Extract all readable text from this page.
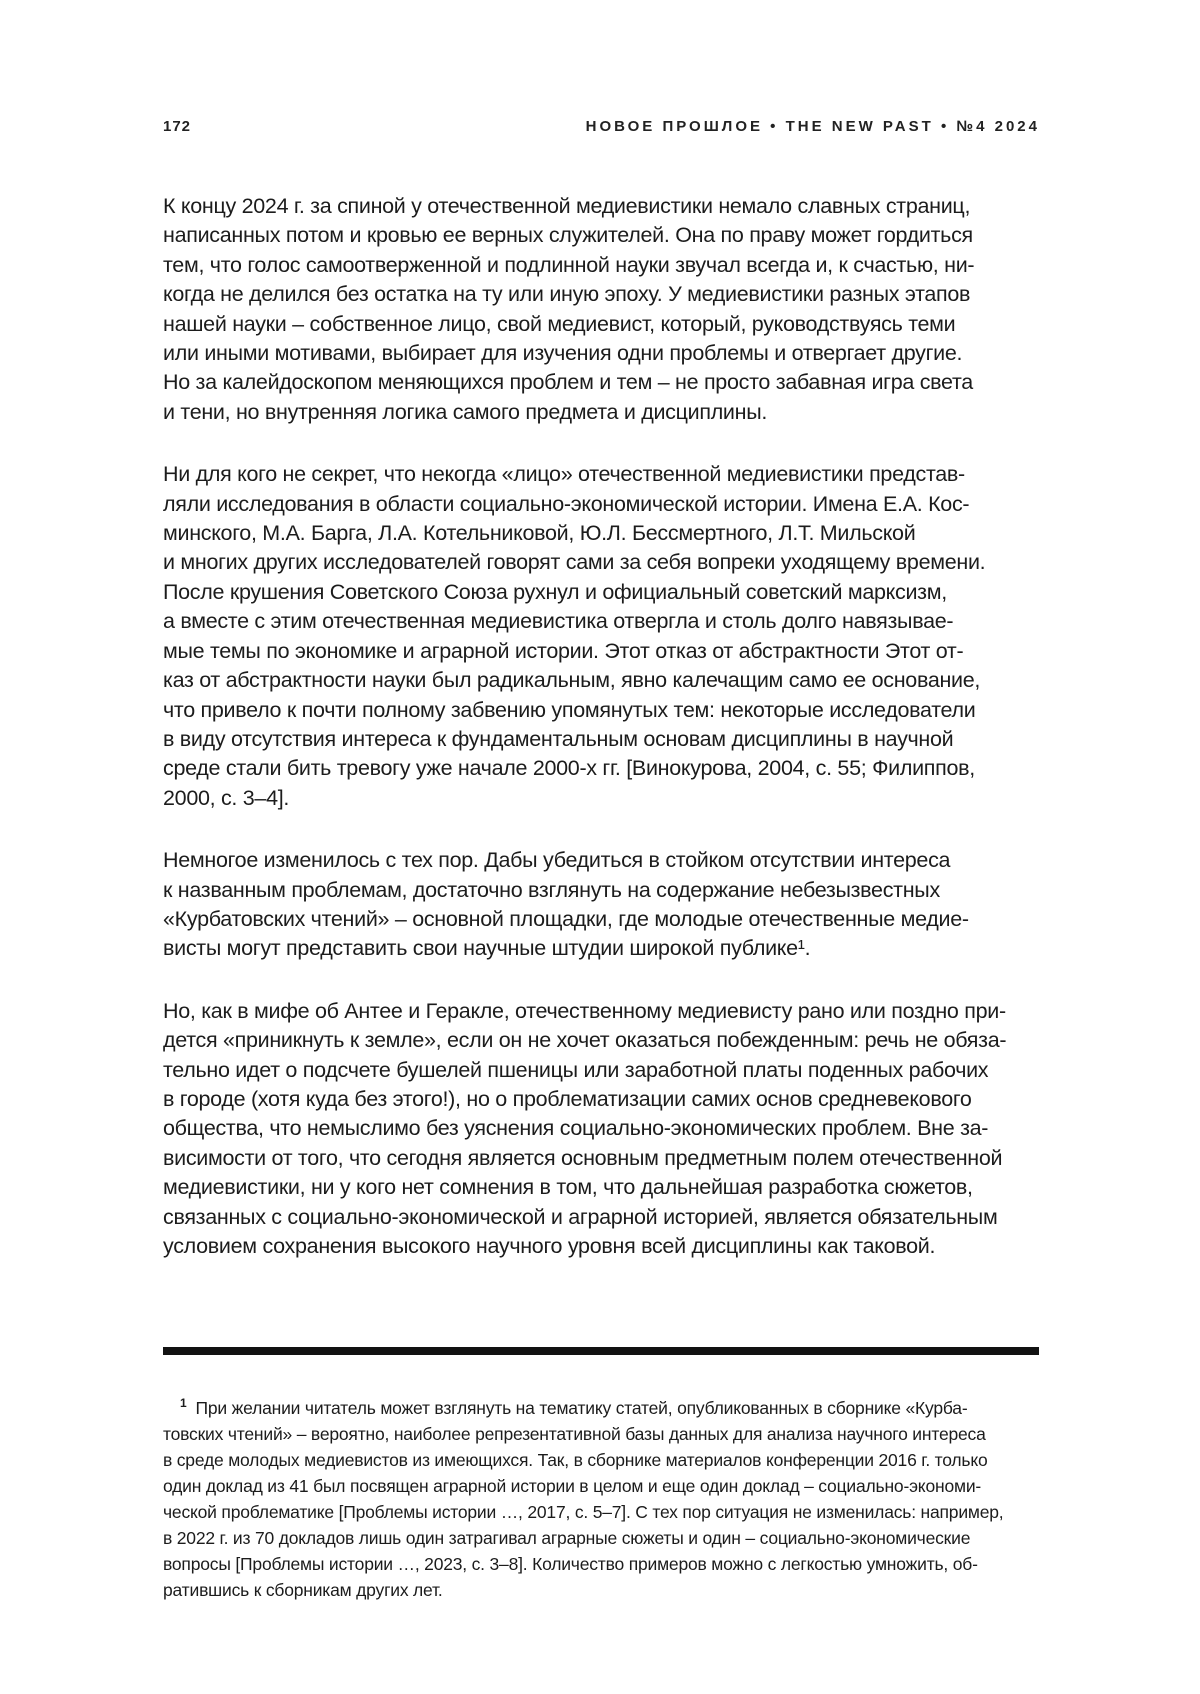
172	НОВОЕ ПРОШЛОЕ • THE NEW PAST • №4 2024

К концу 2024 г. за спиной у отечественной медиевистики немало славных страниц,
написанных потом и кровью ее верных служителей. Она по праву может гордиться
тем, что голос самоотверженной и подлинной науки звучал всегда и, к счастью, ни-
когда не делился без остатка на ту или иную эпоху. У медиевистики разных этапов
нашей науки – собственное лицо, свой медиевист, который, руководствуясь теми
или иными мотивами, выбирает для изучения одни проблемы и отвергает другие.
Но за калейдоскопом меняющихся проблем и тем – не просто забавная игра света
и тени, но внутренняя логика самого предмета и дисциплины.

Ни для кого не секрет, что некогда «лицо» отечественной медиевистики представ-
ляли исследования в области социально-экономической истории. Имена Е.А. Кос-
минского, М.А. Барга, Л.А. Котельниковой, Ю.Л. Бессмертного, Л.Т. Мильской
и многих других исследователей говорят сами за себя вопреки уходящему времени.
После крушения Советского Союза рухнул и официальный советский марксизм,
а вместе с этим отечественная медиевистика отвергла и столь долго навязывае-
мые темы по экономике и аграрной истории. Этот отказ от абстрактности Этот от-
каз от абстрактности науки был радикальным, явно калечащим само ее основание,
что привело к почти полному забвению упомянутых тем: некоторые исследователи
в виду отсутствия интереса к фундаментальным основам дисциплины в научной
среде стали бить тревогу уже начале 2000-х гг. [Винокурова, 2004, с. 55; Филиппов,
2000, с. 3–4].

Немногое изменилось с тех пор. Дабы убедиться в стойком отсутствии интереса
к названным проблемам, достаточно взглянуть на содержание небезызвестных
«Курбатовских чтений» – основной площадки, где молодые отечественные медие-
висты могут представить свои научные штудии широкой публике¹.

Но, как в мифе об Антее и Геракле, отечественному медиевисту рано или поздно при-
дется «приникнуть к земле», если он не хочет оказаться побежденным: речь не обяза-
тельно идет о подсчете бушелей пшеницы или заработной платы поденных рабочих
в городе (хотя куда без этого!), но о проблематизации самих основ средневекового
общества, что немыслимо без уяснения социально-экономических проблем. Вне за-
висимости от того, что сегодня является основным предметным полем отечественной
медиевистики, ни у кого нет сомнения в том, что дальнейшая разработка сюжетов,
связанных с социально-экономической и аграрной историей, является обязательным
условием сохранения высокого научного уровня всей дисциплины как таковой.

$^1$ При желании читатель может взглянуть на тематику статей, опубликованных в сборнике «Курба-
товских чтений» – вероятно, наиболее репрезентативной базы данных для анализа научного интереса
в среде молодых медиевистов из имеющихся. Так, в сборнике материалов конференции 2016 г. только
один доклад из 41 был посвящен аграрной истории в целом и еще один доклад – социально-экономи-
ческой проблематике [Проблемы истории …, 2017, с. 5–7]. С тех пор ситуация не изменилась: например,
в 2022 г. из 70 докладов лишь один затрагивал аграрные сюжеты и один – социально-экономические
вопросы [Проблемы истории …, 2023, с. 3–8]. Количество примеров можно с легкостью умножить, об-
ратившись к сборникам других лет.
